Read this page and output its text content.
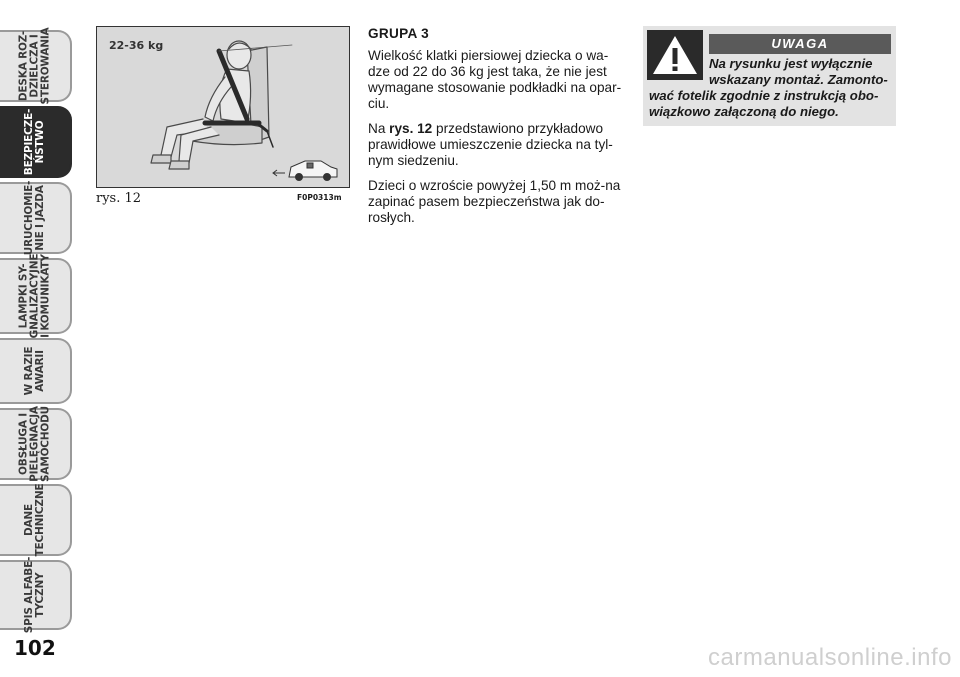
DESKA ROZ-
DZIELCZA I
STEROWANIA
BEZPIECZE-
ŃSTWO
URUCHOMIE-
NIE I JAZDA
LAMPKI SY-
GNALIZACYJNE
I KOMUNIKATY
W RAZIE
AWARII
OBSŁUGA I
PIELĘGNACJA
SAMOCHODU
DANE
TECHNICZNE
SPIS ALFABE-
TYCZNY
102
22-36 kg
rys. 12	F0P0313m
GRUPA 3

Wielkość klatki piersiowej dziecka o wa-dze od 22 do 36 kg jest taka, że nie jest wymagane stosowanie podkładki na opar-ciu.

Na rys. 12 przedstawiono przykładowo prawidłowe umieszczenie dziecka na tyl-nym siedzeniu.

Dzieci o wzroście powyżej 1,50 m moż-na zapinać pasem bezpieczeństwa jak do-rosłych.

UWAGA
Na rysunku jest wyłącznie
wskazany montaż. Zamonto-
wać fotelik zgodnie z instrukcją obo-
wiązkowo załączoną do niego.
carmanualsonline.info
